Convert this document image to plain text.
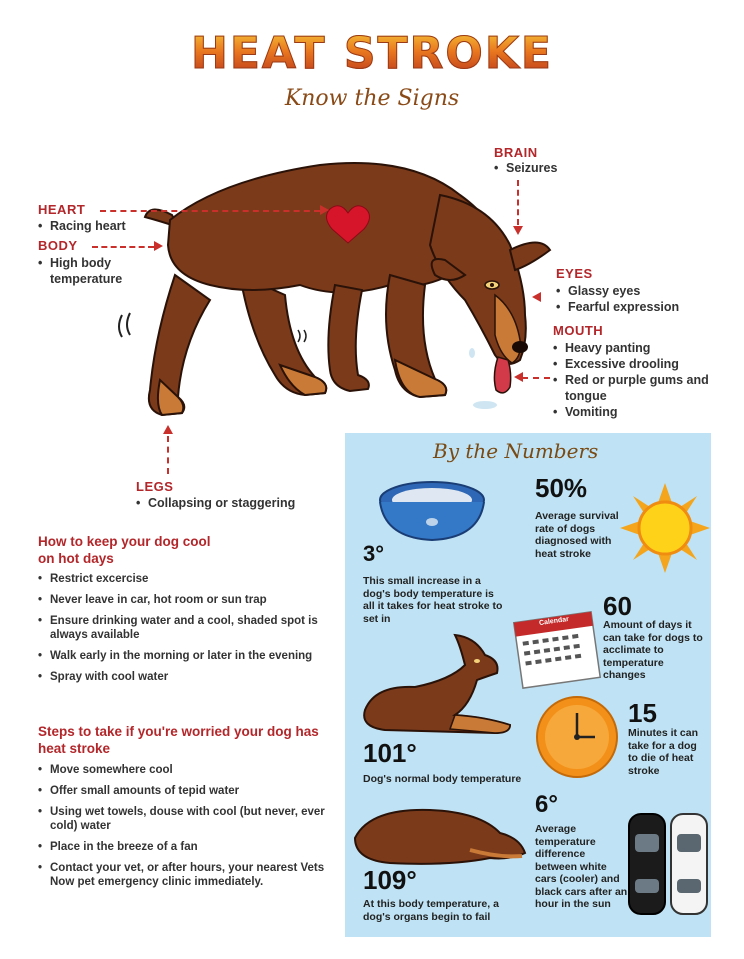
HEAT STROKE
Know the Signs
BRAIN
• Seizures
HEART
• Racing heart
BODY
• High body temperature	EYES
• Glassy eyes
• Fearful expression
MOUTH
• Heavy panting
• Excessive drooling
• Red or purple gums and tongue
• Vomiting
LEGS
• Collapsing or staggering
How to keep your dog cool on hot days
• Restrict excercise
• Never leave in car, hot room or sun trap
• Ensure drinking water and a cool, shaded spot is always available
• Walk early in the morning or later in the evening
• Spray with cool water
Steps to take if you're worried your dog has heat stroke
• Move somewhere cool
• Offer small amounts of tepid water
• Using wet towels, douse with cool (but never, ever cold) water
• Place in the breeze of a fan
• Contact your vet, or after hours, your nearest Vets Now pet emergency clinic immediately.
By the Numbers
50%
Average survival rate of dogs diagnosed with heat stroke
3°
This small increase in a dog's body temperature is all it takes for heat stroke to set in	Calendar
60
Amount of days it can take for dogs to acclimate to temperature changes
15
Minutes it can take for a dog to die of heat stroke
101°
Dog's normal body temperature
6°
Average temperature difference between white cars (cooler) and black cars after an hour in the sun
109°
At this body temperature, a dog's organs begin to fail
